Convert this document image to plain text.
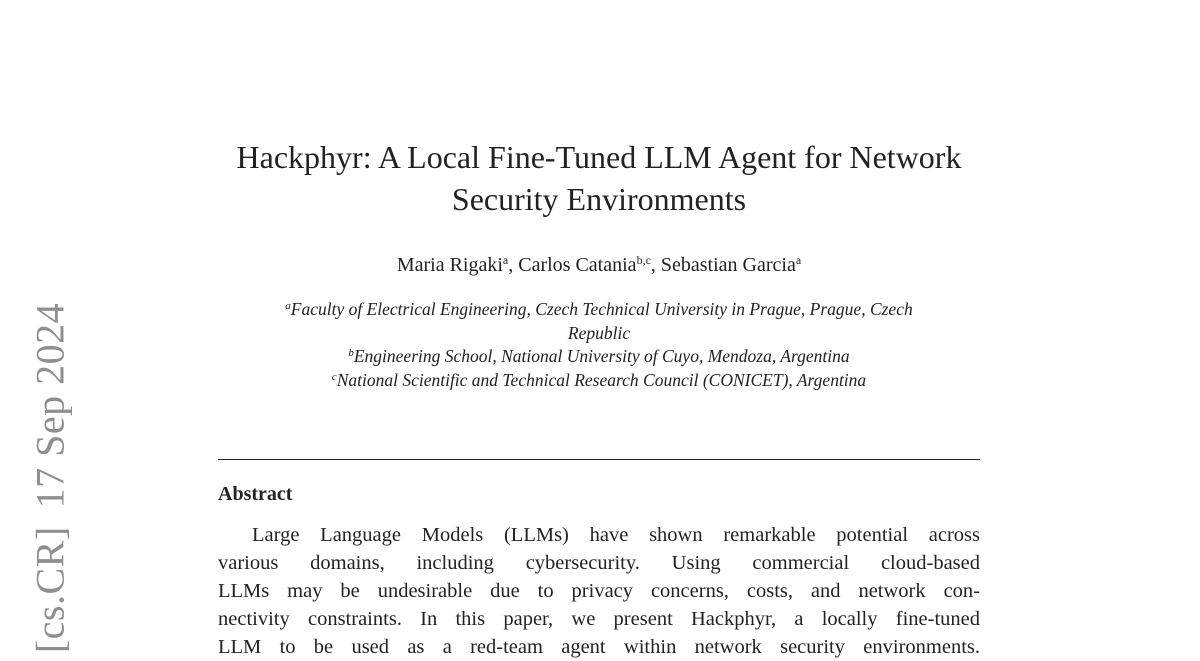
[cs.CR]17 Sep 2024
Hackphyr: A Local Fine-Tuned LLM Agent for Network
Security Environments
Maria Rigaki$^a$, Carlos Catania$^{b,c}$, Sebastian Garcia$^a$
$^a$Faculty of Electrical Engineering, Czech Technical University in Prague, Prague, Czech
Republic
$^b$Engineering School, National University of Cuyo, Mendoza, Argentina
$^c$National Scientific and Technical Research Council (CONICET), Argentina
Abstract
Large Language Models (LLMs) have shown remarkable potential across
various domains, including cybersecurity. Using commercial cloud-based
LLMs may be undesirable due to privacy concerns, costs, and network con-
nectivity constraints. In this paper, we present Hackphyr, a locally fine-tuned
LLM to be used as a red-team agent within network security environments.
